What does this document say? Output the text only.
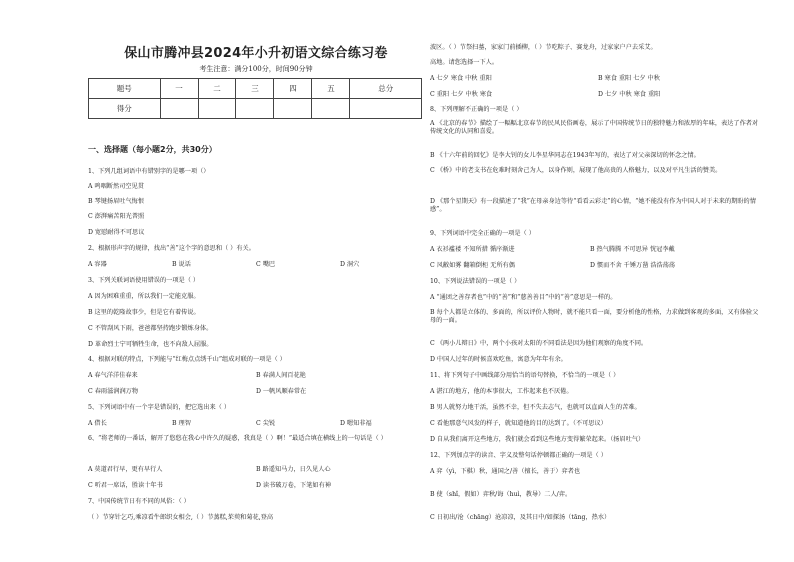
保山市腾冲县2024年小升初语文综合练习卷
考生注意：满分100分，时间90分钟
题号	一	二	三	四	五	总分
得分						
一、选择题（每小题2分，共30分）
1、下列几组词语中有错别字的是哪一项（）
A 鸣咽断然司空见贯
B 琴键扬眉吐气悔恨
C 澎湃痛苦阳光普照
D 宽慰耐得不可思议
2、根据形声字的规律，找出“善”这个字的意思和（ ）有关。
A 容器	B 说话	C 嘴巴	D 洞穴
3、下列关联词语使用错误的一项是（ ）
A 因为困难重重，所以我们一定能克服。
B 这里的乾隆故事少，但是它有着传说。
C 不管刮风下雨，爸爸都坚持跑步锻炼身体。
D 革命烈士宁可牺牲生命，也不向敌人屈服。
4、根据对联的特点，下列能与“红梅点点绣千山”组成对联的一项是（ ）
A 春气洋洋佳春来	B 春满人间百花艳
C 春雨滋润润万物	D 一帆风顺春常在
5、下列词语中有一个字是错误的，把它选出来（ ）
A 借长	B 理智	C 尖锐	D 嗯知非福
6、“将老师的一番话，解开了悠悠在我心中许久的疑惑，我真是（ ）啊！”最适合填在横线上的一句话是（ ）
A 莫道君行早，更有早行人	B 路遥知马力，日久见人心
C 听君一席话，胜读十年书	D 读书破万卷，下笔如有神
7、中国传统节日有不同的风俗：（ ）
（ ）节穿针乞巧,乘凉看牛郎织女相会,（ ）节蒸糕,茱萸和菊花,登高
波区。（ ）节祭扫墓，家家门前插柳，（ ）节吃粽子、赛龙舟，过家家户户去采艾。
高地。请您选择一下人。
A 七夕 寒食 中秋 重阳	B 寒食 重阳 七夕 中秋
C 重阳 七夕 中秋 寒食	D 七夕 中秋 寒食 重阳
8、下列理解不正确的一项是（ ）
A 《北京的春节》描绘了一幅幅北京春节的民风民俗画卷，展示了中国传统节日的独特魅力和浓厚的年味，表达了作者对传统文化的认同和喜爱。
B 《十六年前的回忆》是李大钊的女儿李星华同志在1943年写的，表达了对父亲深切的怀念之情。
C 《桥》中的老支书在危难时刻舍己为人，以身作则，展现了他高贵的人格魅力，以及对平凡生活的赞美。
D 《那个星期天》有一段描述了“我”在母亲身边等待“看看云彩走”的心情，“她不能没有作为中国人对于未来的期盼的情感”。
9、下列词语中完全正确的一项是（ ）
A 衣衫褴褛 不知所措 循序渐进	B 热气腾腾 不可思异 恍冠李戴
C 风敝如雾 翻箱倒柜 无所有偶	D 惯而不舍 千锤万凿 浩浩荡荡
10、下列说法错误的一项是（ ）
A “通团之善存者也”中的“善”和“慈善善目”中的“善”意思是一样的。
B 每个人都是立体的、多面的，所以评价人物时，就不能只看一面，要分析他的性格，力求做到客观的多面，又有体验父母的一面。
C 《两小儿辩日》中，两个小孩对太阳的不同看法是因为他们观察的角度不同。
D 中国人过年的时候喜欢吃鱼，寓意为年年有余。
11、将下列句子中画线部分用恰当的语句替换，不恰当的一项是（ ）
A 湛江的地方，他的本事很大，工作起来也不厌倦。
B 男人就努力地干活，虽然不幸，但不失去志气，也就可以直面人生的苦难。
C 看他那意气风发的样子，就知道他的目的达到了。（不可思议）
D 自从我们离开这些地方，我们就会看到这些地方变得繁荣起来。（扬眉吐气）
12、下列加点字的读音、字义及整句话停顿都正确的一项是（ ）
A 弈（yì，下棋）秋，通国之/善（擅长，善于）弈者也
B 使（shǐ，假如）弈秋/诲（huì，教导）二人/弈。
C 日初出/沧（chāng）沧凉凉，及其日中/如探汤（tāng，热水）
